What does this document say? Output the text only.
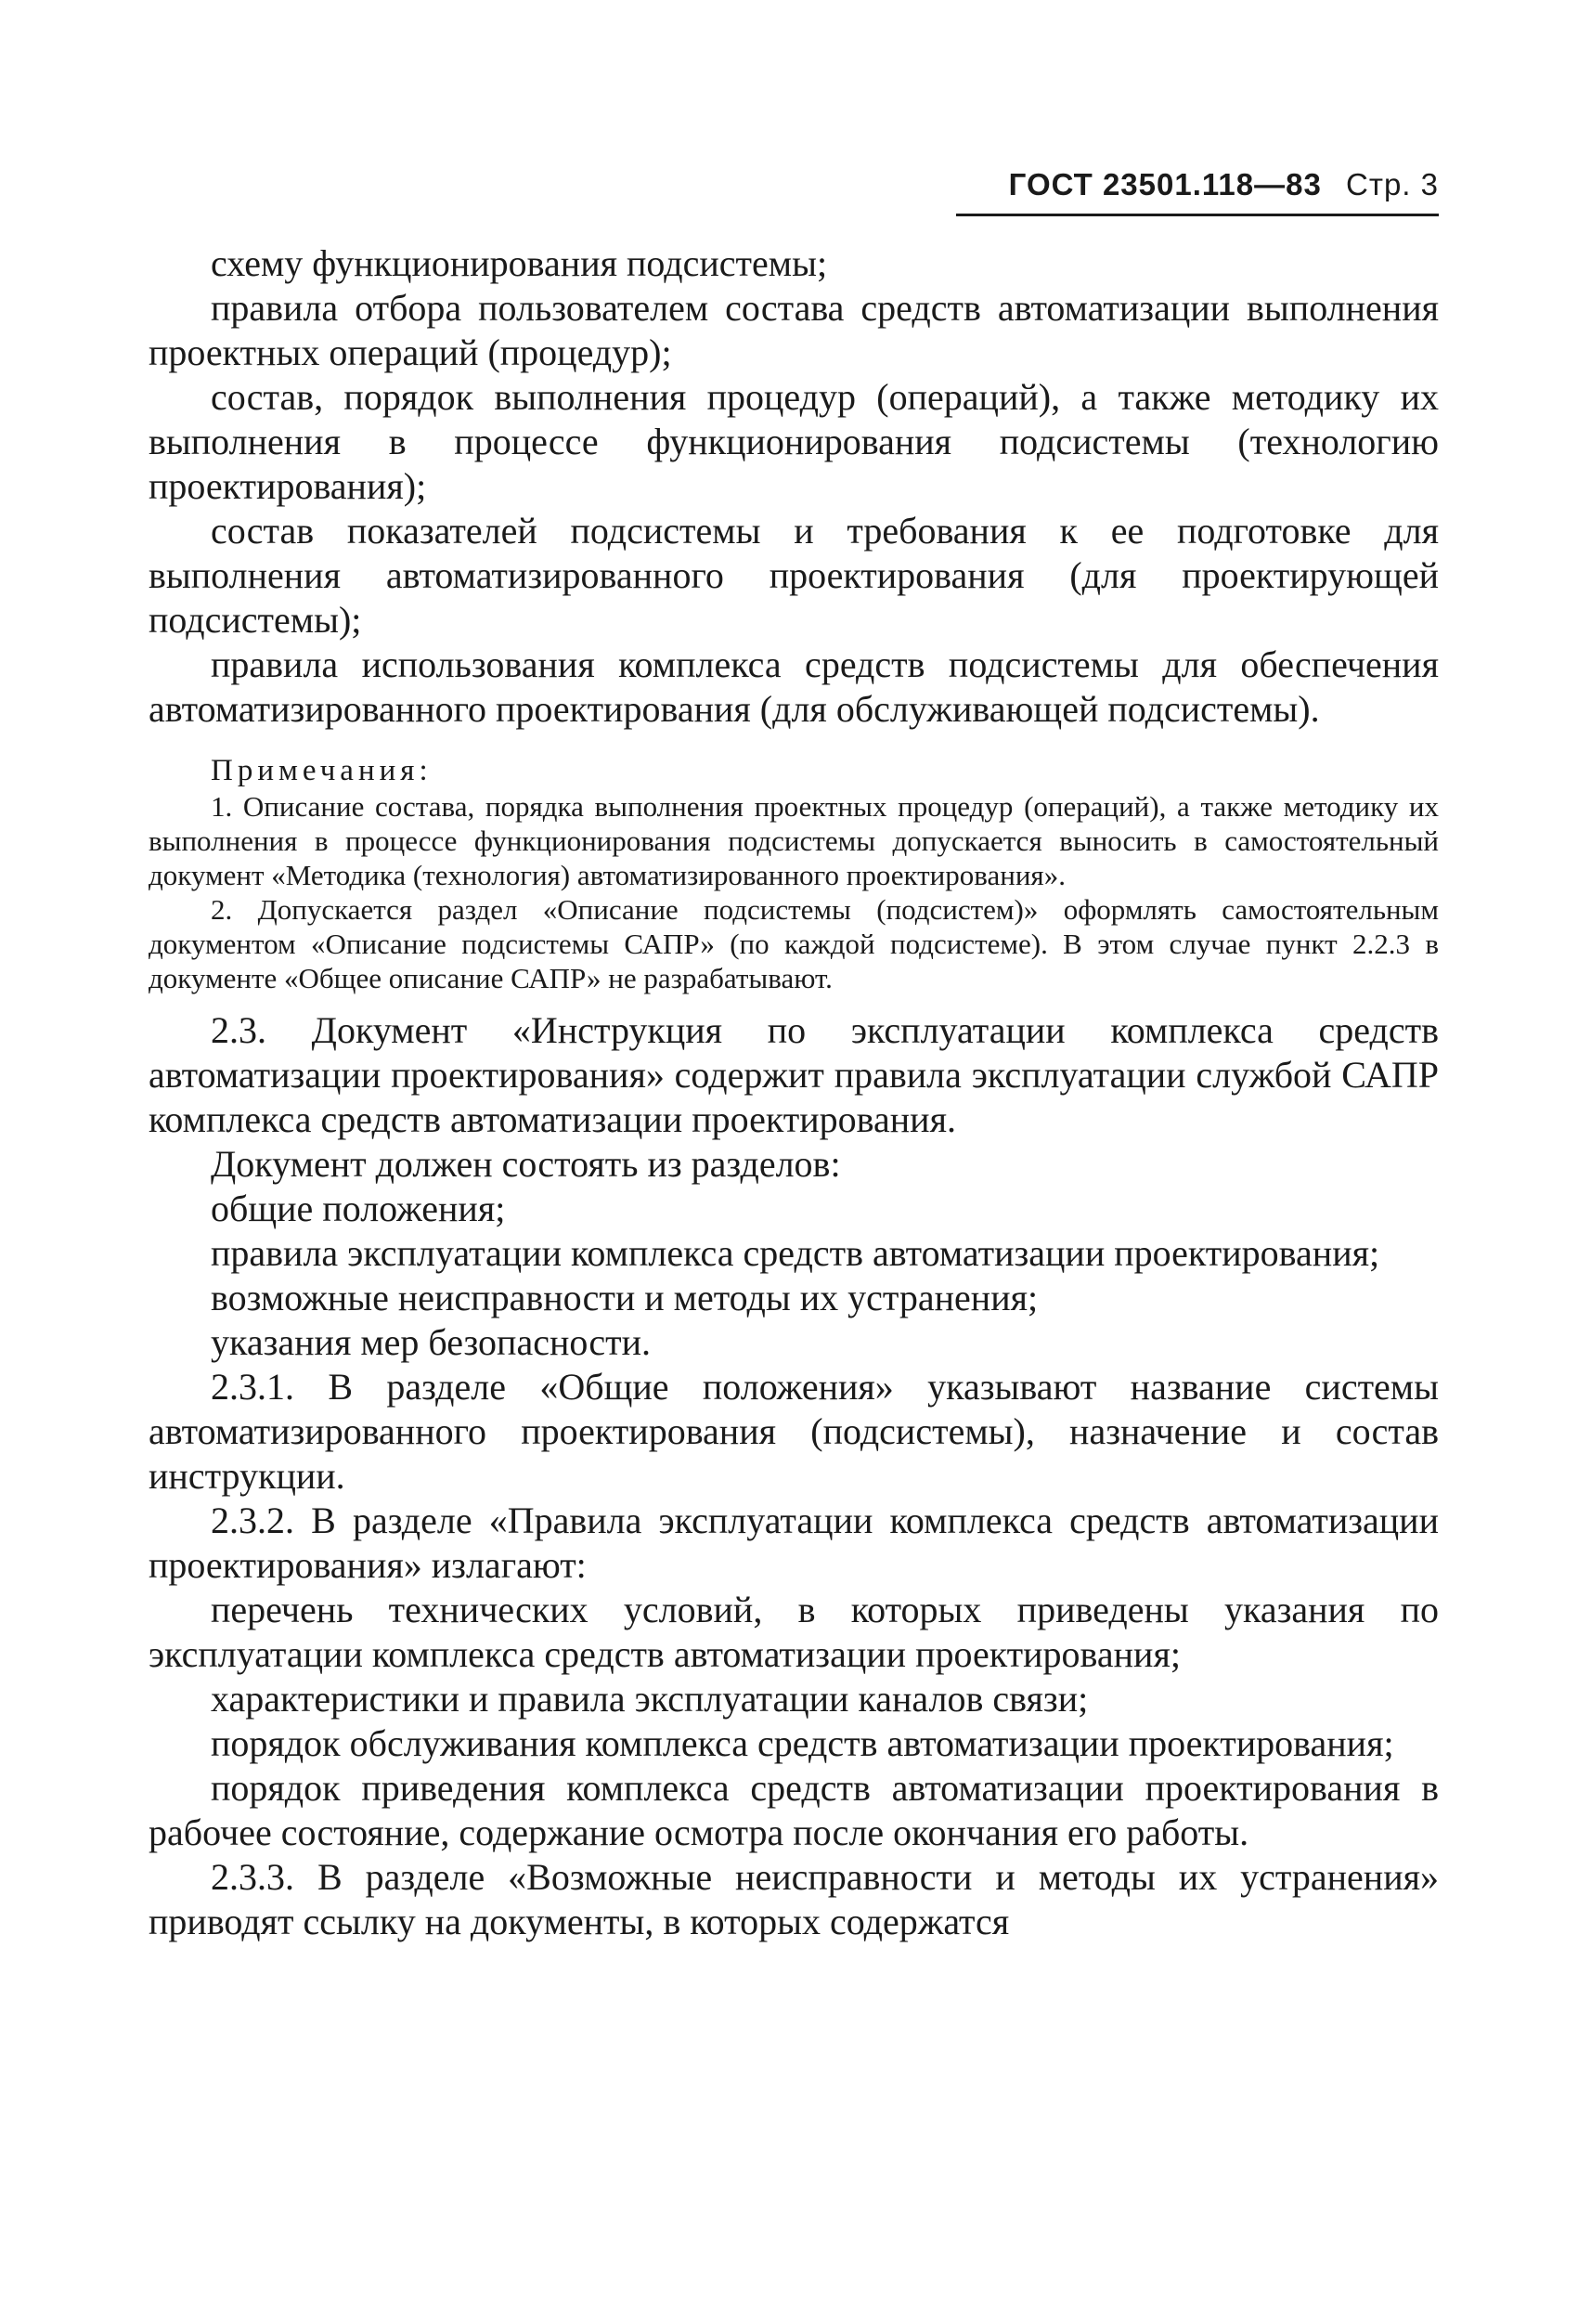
ГОСТ 23501.118—83 Стр. 3

схему функционирования подсистемы;

правила отбора пользователем состава средств автоматизации выполнения проектных операций (процедур);

состав, порядок выполнения процедур (операций), а также методику их выполнения в процессе функционирования подсистемы (технологию проектирования);

состав показателей подсистемы и требования к ее подготовке для выполнения автоматизированного проектирования (для проектирующей подсистемы);

правила использования комплекса средств подсистемы для обеспечения автоматизированного проектирования (для обслуживающей подсистемы).

Примечания:

1. Описание состава, порядка выполнения проектных процедур (операций), а также методику их выполнения в процессе функционирования подсистемы допускается выносить в самостоятельный документ «Методика (технология) автоматизированного проектирования».

2. Допускается раздел «Описание подсистемы (подсистем)» оформлять самостоятельным документом «Описание подсистемы САПР» (по каждой подсистеме). В этом случае пункт 2.2.3 в документе «Общее описание САПР» не разрабатывают.

2.3. Документ «Инструкция по эксплуатации комплекса средств автоматизации проектирования» содержит правила эксплуатации службой САПР комплекса средств автоматизации проектирования.

Документ должен состоять из разделов:

общие положения;

правила эксплуатации комплекса средств автоматизации проектирования;

возможные неисправности и методы их устранения;

указания мер безопасности.

2.3.1. В разделе «Общие положения» указывают название системы автоматизированного проектирования (подсистемы), назначение и состав инструкции.

2.3.2. В разделе «Правила эксплуатации комплекса средств автоматизации проектирования» излагают:

перечень технических условий, в которых приведены указания по эксплуатации комплекса средств автоматизации проектирования;

характеристики и правила эксплуатации каналов связи;

порядок обслуживания комплекса средств автоматизации проектирования;

порядок приведения комплекса средств автоматизации проектирования в рабочее состояние, содержание осмотра после окончания его работы.

2.3.3. В разделе «Возможные неисправности и методы их устранения» приводят ссылку на документы, в которых содержатся
